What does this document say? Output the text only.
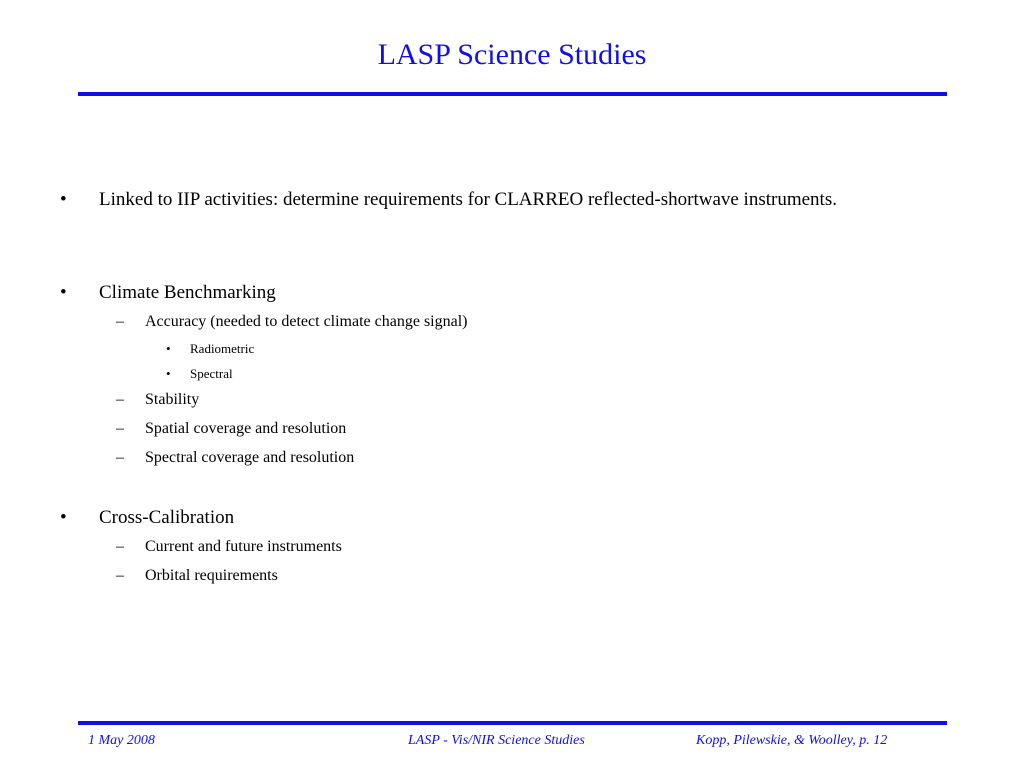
LASP Science Studies
• Linked to IIP activities: determine requirements for CLARREO reflected-shortwave instruments.
• Climate Benchmarking
– Accuracy (needed to detect climate change signal)
• Radiometric
• Spectral
– Stability
– Spatial coverage and resolution
– Spectral coverage and resolution
• Cross-Calibration
– Current and future instruments
– Orbital requirements
1 May 2008	LASP - Vis/NIR Science Studies	Kopp, Pilewskie, & Woolley, p. 12
